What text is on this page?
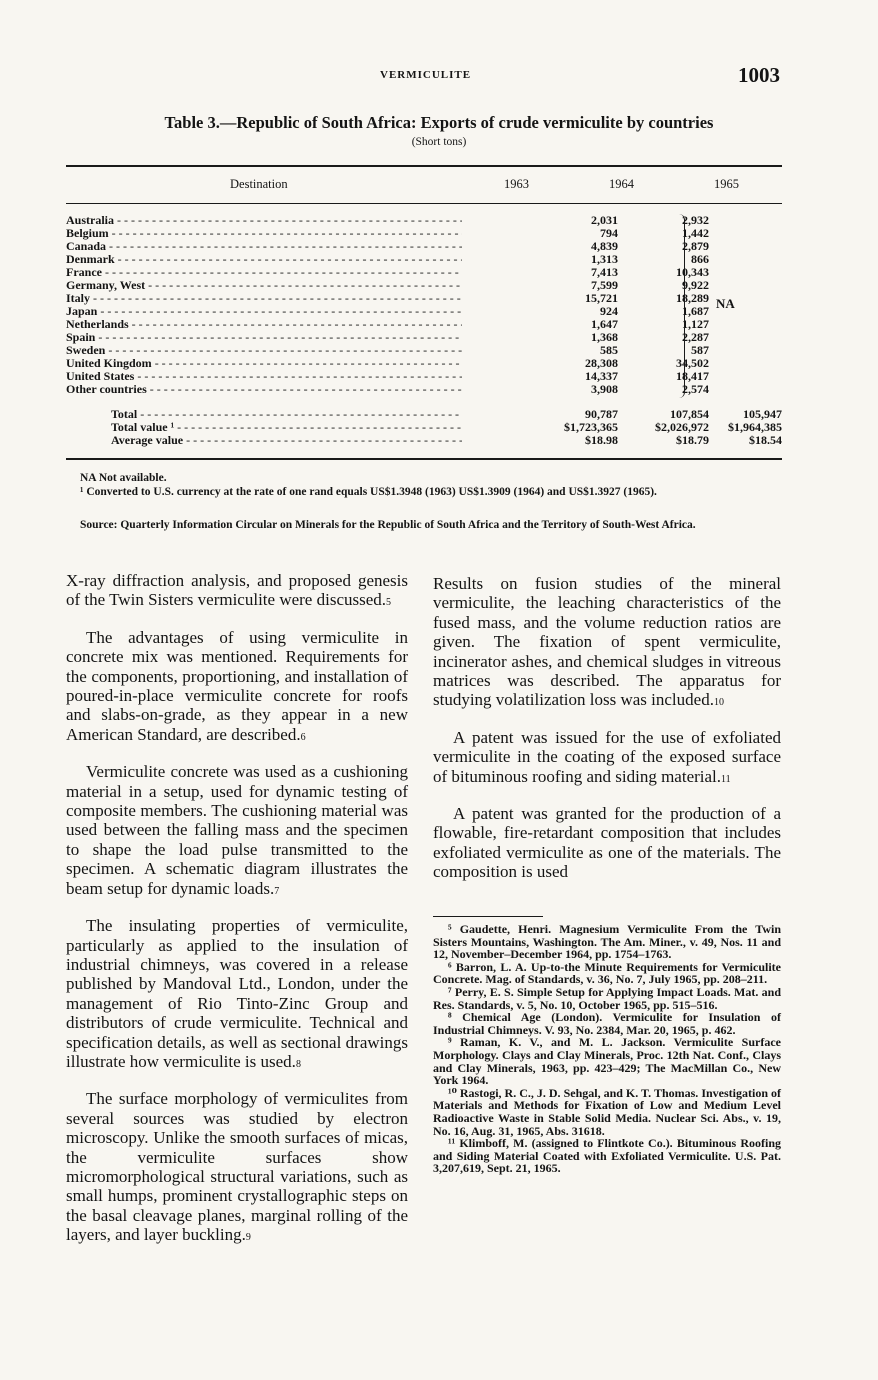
VERMICULITE	1003
Table 3.—Republic of South Africa: Exports of crude vermiculite by countries
(Short tons)
Destination	1963	1964	1965
Australia - - -	2,031	2,932
Belgium - - -	794	1,442
Canada - - -	4,839	2,879
Denmark - - -	1,313	866
France - - -	7,413	10,343
Germany, West - - -	7,599	9,922
Italy - - -	15,721	18,289
Japan - - -	924	1,687
Netherlands - - -	1,647	1,127
Spain - - -	1,368	2,287
Sweden - - -	585	587
United Kingdom - - -	28,308	34,502
United States - - -	14,337	18,417
Other countries - - -	3,908	2,574
Total - - -	90,787	107,854	105,947
Total value ¹ - - -	$1,723,365	$2,026,972 $1,964,385
Average value - - -	$18.98	$18.79	$18.54
NA
NA Not available.
¹ Converted to U.S. currency at the rate of one rand equals US$1.3948 (1963) US$1.3909 (1964) and US$1.3927 (1965).
Source: Quarterly Information Circular on Minerals for the Republic of South Africa and the Territory of South-West Africa.

X-ray diffraction analysis, and proposed genesis of the Twin Sisters vermiculite were discussed.5

The advantages of using vermiculite in concrete mix was mentioned. Requirements for the components, proportioning, and installation of poured-in-place vermiculite concrete for roofs and slabs-on-grade, as they appear in a new American Standard, are described.6

Vermiculite concrete was used as a cushioning material in a setup, used for dynamic testing of composite members. The cushioning material was used between the falling mass and the specimen to shape the load pulse transmitted to the specimen. A schematic diagram illustrates the beam setup for dynamic loads.7

The insulating properties of vermiculite, particularly as applied to the insulation of industrial chimneys, was covered in a release published by Mandoval Ltd., London, under the management of Rio Tinto-Zinc Group and distributors of crude vermiculite. Technical and specification details, as well as sectional drawings illustrate how vermiculite is used.8

The surface morphology of vermiculites from several sources was studied by electron microscopy. Unlike the smooth surfaces of micas, the vermiculite surfaces show micromorphological structural variations, such as small humps, prominent crystallographic steps on the basal cleavage planes, marginal rolling of the layers, and layer buckling.9

Results on fusion studies of the mineral vermiculite, the leaching characteristics of the fused mass, and the volume reduction ratios are given. The fixation of spent vermiculite, incinerator ashes, and chemical sludges in vitreous matrices was described. The apparatus for studying volatilization loss was included.10

A patent was issued for the use of exfoliated vermiculite in the coating of the exposed surface of bituminous roofing and siding material.11

A patent was granted for the production of a flowable, fire-retardant composition that includes exfoliated vermiculite as one of the materials. The composition is used

⁵ Gaudette, Henri. Magnesium Vermiculite From the Twin Sisters Mountains, Washington. The Am. Miner., v. 49, Nos. 11 and 12, November–December 1964, pp. 1754–1763.

⁶ Barron, L. A. Up-to-the Minute Requirements for Vermiculite Concrete. Mag. of Standards, v. 36, No. 7, July 1965, pp. 208–211.

⁷ Perry, E. S. Simple Setup for Applying Impact Loads. Mat. and Res. Standards, v. 5, No. 10, October 1965, pp. 515–516.

⁸ Chemical Age (London). Vermiculite for Insulation of Industrial Chimneys. V. 93, No. 2384, Mar. 20, 1965, p. 462.

⁹ Raman, K. V., and M. L. Jackson. Vermiculite Surface Morphology. Clays and Clay Minerals, Proc. 12th Nat. Conf., Clays and Clay Minerals, 1963, pp. 423–429; The MacMillan Co., New York 1964.

¹⁰ Rastogi, R. C., J. D. Sehgal, and K. T. Thomas. Investigation of Materials and Methods for Fixation of Low and Medium Level Radioactive Waste in Stable Solid Media. Nuclear Sci. Abs., v. 19, No. 16, Aug. 31, 1965, Abs. 31618.

¹¹ Klimboff, M. (assigned to Flintkote Co.). Bituminous Roofing and Siding Material Coated with Exfoliated Vermiculite. U.S. Pat. 3,207,619, Sept. 21, 1965.
